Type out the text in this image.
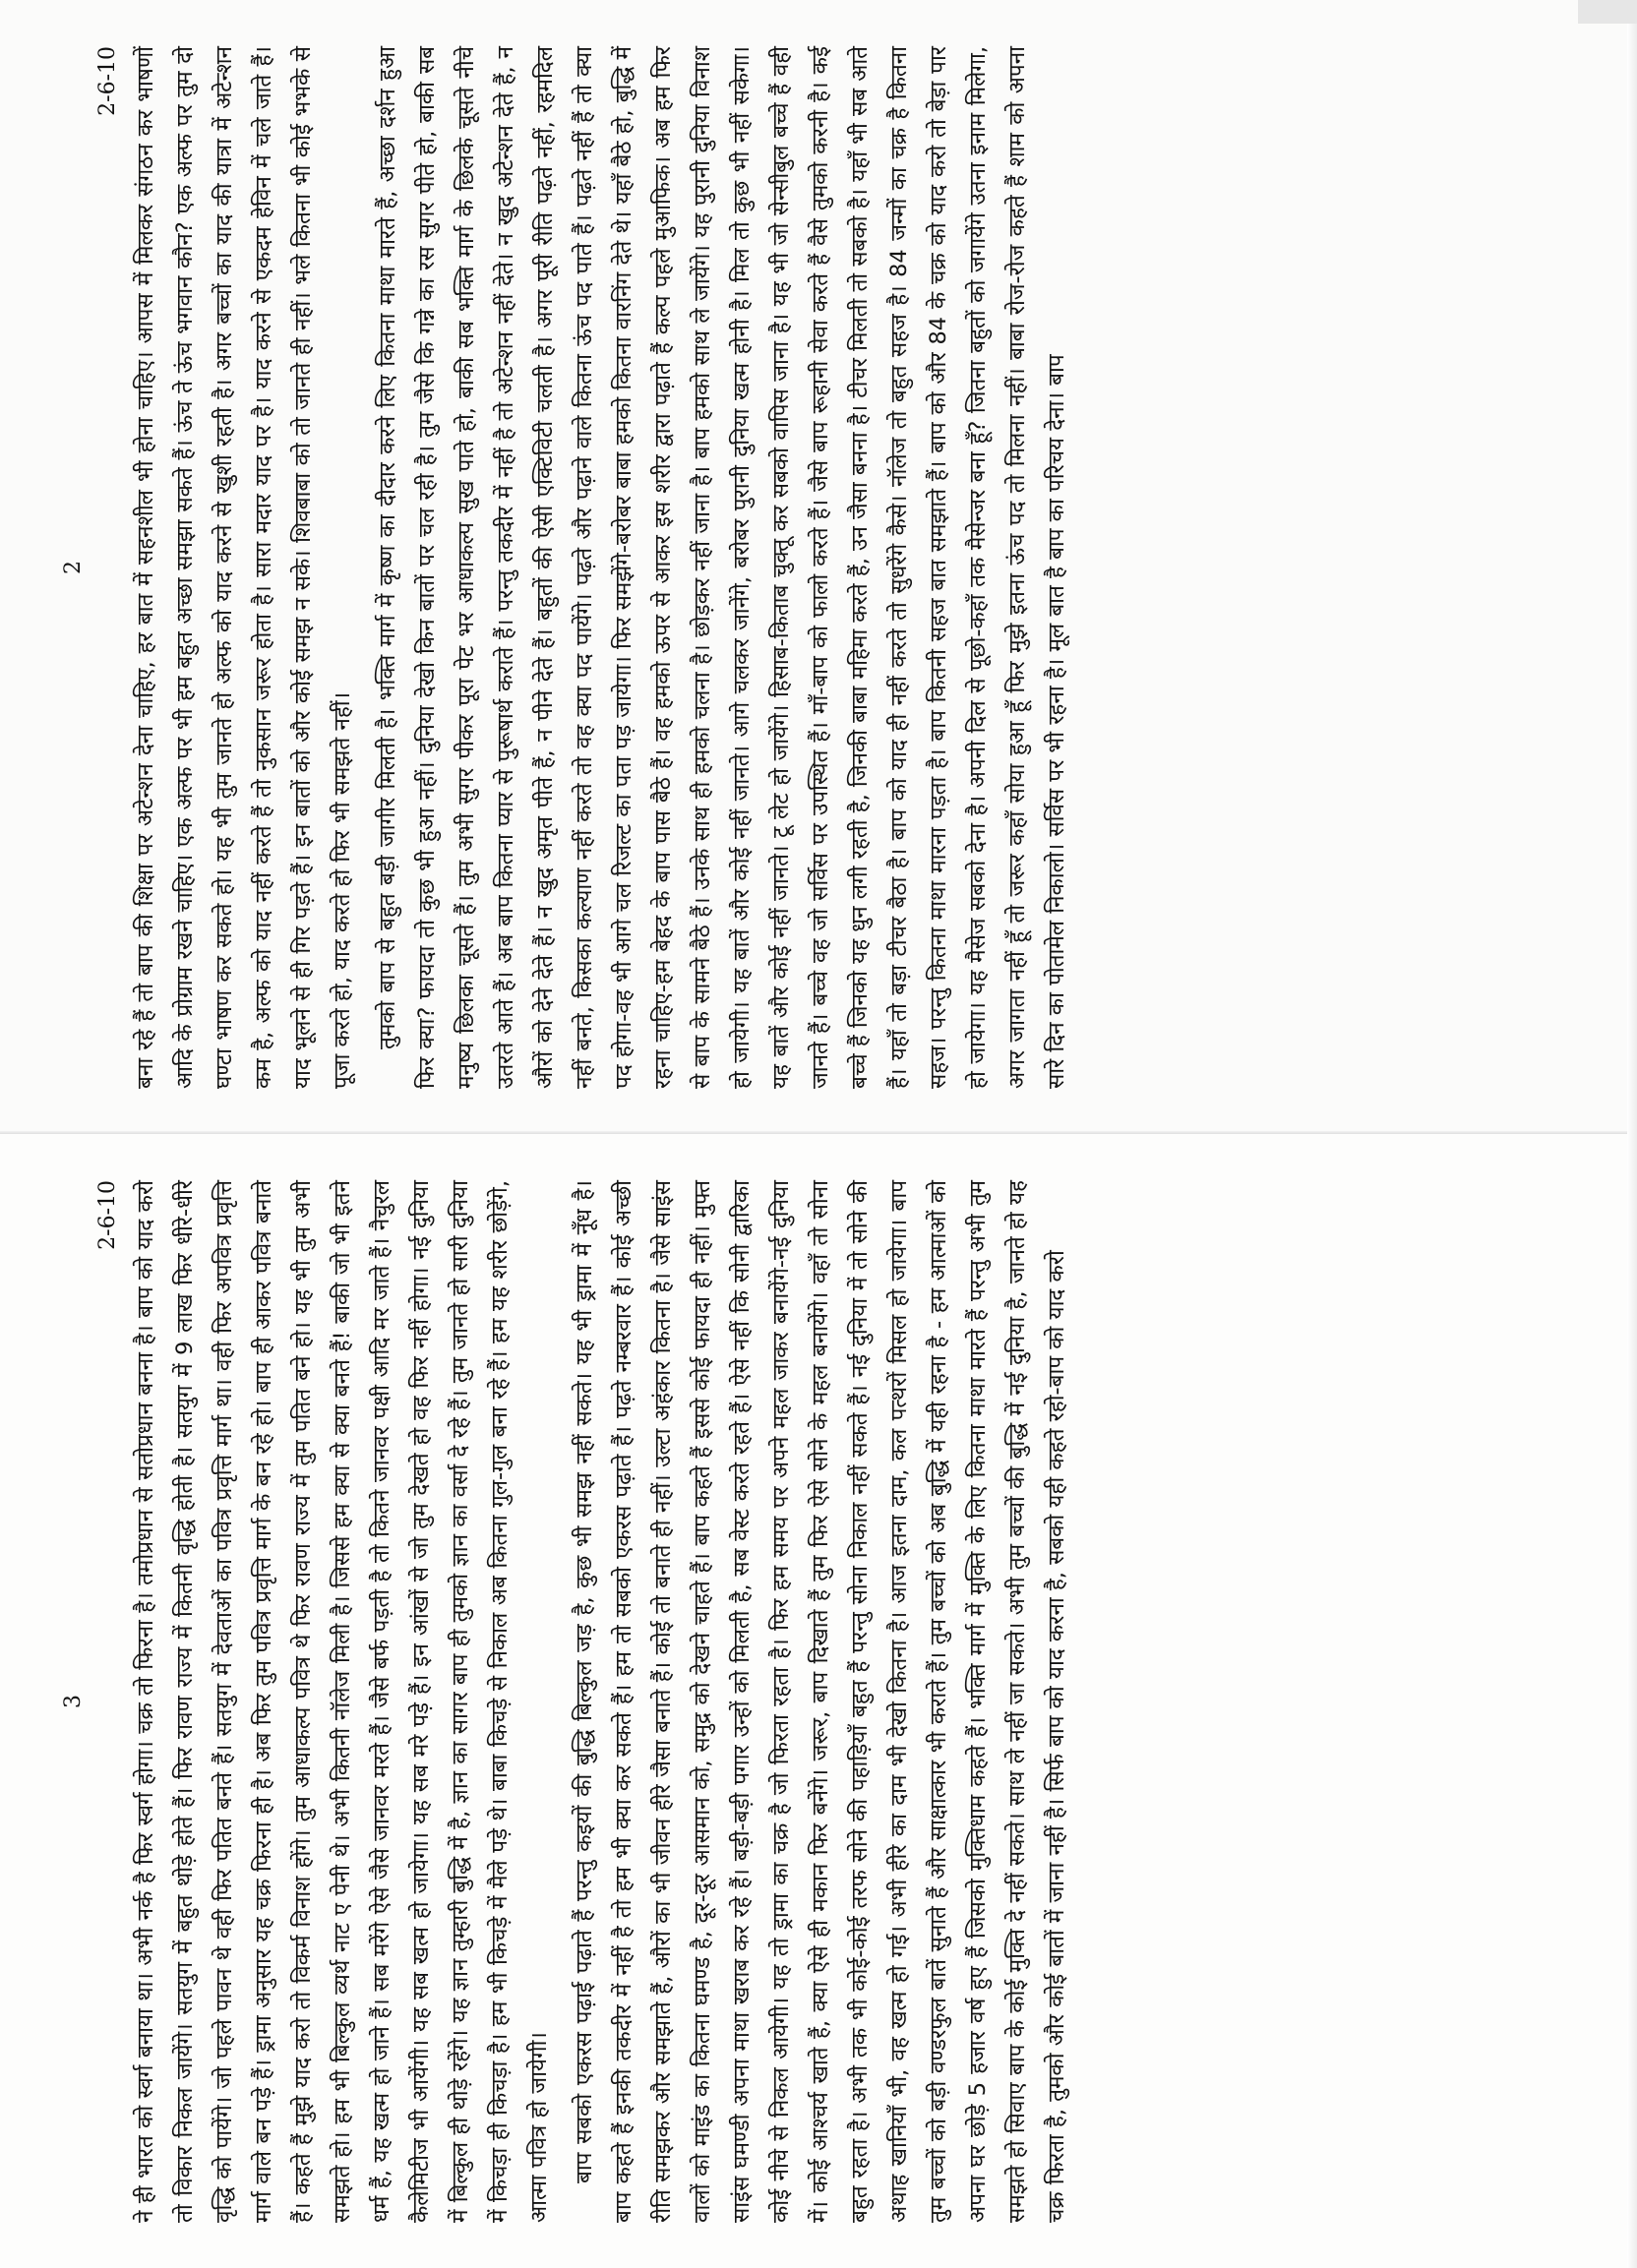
2
2-6-10 बना रहे हैं तो बाप की शिक्षा पर अटेन्शन देना चाहिए, हर बात में सहनशील भी होना चाहिए। आपस में मिलकर संगठन कर भाषणों आदि के प्रोग्राम रखने चाहिए। एक अल्फ पर भी हम बहुत अच्छा समझा सकते हैं। ऊंच ते ऊंच भगवान कौन? एक अल्फ पर तुम दो घण्टा भाषण कर सकते हो। यह भी तुम जानते हो अल्फ को याद करने से खुशी रहती है। अगर बच्चों का याद की यात्रा में अटेन्शन कम है, अल्फ को याद नहीं करते हैं तो नुकसान जरूर होता है। सारा मदार याद पर है। याद करने से एकदम हेविन में चले जाते हैं। याद भूलने से ही गिर पड़ते हैं। इन बातों को और कोई समझ न सके। शिवबाबा को तो जानते ही नहीं। भले कितना भी कोई भभके से पूजा करते हो, याद करते हो फिर भी समझते नहीं। तुमको बाप से बहुत बड़ी जागीर मिलती है। भक्ति मार्ग में कृष्ण का दीदार करने लिए कितना माथा मारते हैं, अच्छा दर्शन हुआ फिर क्या? फायदा तो कुछ भी हुआ नहीं। दुनिया देखो किन बातों पर चल रही है। तुम जैसे कि गन्ने का रस सुगर पीते हो, बाकी सब मनुष्य छिलका चूसते हैं। तुम अभी सुगर पीकर पूरा पेट भर आधाकल्प सुख पाते हो, बाकी सब भक्ति मार्ग के छिलके चूसते नीचे उतरते आते हैं। अब बाप कितना प्यार से पुरूषार्थ कराते हैं। परन्तु तकदीर में नहीं है तो अटेन्शन नहीं देते। न खुद अटेन्शन देते हैं, न औरों को देने देते हैं। न खुद अमृत पीते हैं, न पीने देते हैं। बहुतों की ऐसी एक्टिविटी चलती है। अगर पूरी रीति पढ़ते नहीं, रहमदिल नहीं बनते, किसका कल्याण नहीं करते तो वह क्या पद पायेंगे। पढ़ते और पढ़ाने वाले कितना ऊंच पद पाते हैं। पढ़ते नहीं हैं तो क्या पद होगा-वह भी आगे चल रिजल्ट का पता पड़ जायेगा। फिर समझेंगे-बरोबर बाबा हमको कितना वारनिंग देते थे। यहाँ बैठे हो, बुद्धि में रहना चाहिए-हम बेहद के बाप पास बैठे हैं। वह हमको ऊपर से आकर इस शरीर द्वारा पढ़ाते हैं कल्प पहले मुआफिक। अब हम फिर से बाप के सामने बैठे हैं। उनके साथ ही हमको चलना है। छोड़कर नहीं जाना है। बाप हमको साथ ले जायेंगे। यह पुरानी दुनिया विनाश हो जायेगी। यह बातें और कोई नहीं जानते। आगे चलकर जानेंगे, बरोबर पुरानी दुनिया खत्म होनी है। मिल तो कुछ भी नहीं सकेगा। यह बातें और कोई नहीं जानते। टू लेट हो जायेंगे। हिसाब-किताब चुक्तू कर सबको वापिस जाना है। यह भी जो सेन्सीबुल बच्चे हैं वही जानते हैं। बच्चे वह जो सर्विस पर उपस्थित हैं। माँ-बाप को फालो करते हैं। जैसे बाप रूहानी सेवा करते हैं वैसे तुमको करनी है। कई बच्चे हैं जिनको यह धुन लगी रहती है, जिनकी बाबा महिमा करते हैं, उन जैसा बनना है। टीचर मिलती तो सबको है। यहाँ भी सब आते हैं। यहाँ तो बड़ा टीचर बैठा है। बाप को याद ही नहीं करते तो सुधरेंगे कैसे। नॉलेज तो बहुत सहज है। 84 जन्मों का चक्र है कितना सहज। परन्तु कितना माथा मारना पड़ता है। बाप कितनी सहज बात समझाते हैं। बाप को और 84 के चक्र को याद करो तो बेड़ा पार हो जायेगा। यह मैसेज सबको देना है। अपनी दिल से पूछो-कहाँ तक मैसेन्जर बना हूँ? जितना बहुतों को जगायेंगे उतना इनाम मिलेगा, अगर जागता नहीं हूँ तो जरूर कहाँ सोया हुआ हूँ फिर मुझे इतना ऊंच पद तो मिलना नहीं। बाबा रोज-रोज कहते हैं शाम को अपना सारे दिन का पोतामेल निकालो। सर्विस पर भी रहना है। मूल बात है बाप का परिचय देना। बाप

3
2-6-10 ने ही भारत को स्वर्ग बनाया था। अभी नर्क है फिर स्वर्ग होगा। चक्र तो फिरना है। तमोप्रधान से सतोप्रधान बनना है। बाप को याद करो तो विकार निकल जायेंगे। सतयुग में बहुत थोड़े होते हैं। फिर रावण राज्य में कितनी वृद्धि होती है। सतयुग में 9 लाख फिर धीरे-धीरे वृद्धि को पायेंगे। जो पहले पावन थे वही फिर पतित बनते हैं। सतयुग में देवताओं का पवित्र प्रवृत्ति मार्ग था। वही फिर अपवित्र प्रवृत्ति मार्ग वाले बन पड़े हैं। ड्रामा अनुसार यह चक्र फिरना ही है। अब फिर तुम पवित्र प्रवृत्ति मार्ग के बन रहे हो। बाप ही आकर पवित्र बनाते हैं। कहते हैं मुझे याद करो तो विकर्म विनाश होंगे। तुम आधाकल्प पवित्र थे फिर रावण राज्य में तुम पतित बने हो। यह भी तुम अभी समझते हो। हम भी बिल्कुल व्यर्थ नाट ए पेनी थे। अभी कितनी नॉलेज मिली है। जिससे हम क्या से क्या बनते हैं! बाकी जो भी इतने धर्म हैं, यह खत्म हो जाने हैं। सब मरेंगे ऐसे जैसे जानवर मरते हैं। जैसे बर्फ पड़ती है तो कितने जानवर पक्षी आदि मर जाते हैं। नैचुरल कैलेमिटीज भी आयेंगी। यह सब खत्म हो जायेगा। यह सब मरे पड़े हैं। इन आंखों से जो तुम देखते हो वह फिर नहीं होगा। नई दुनिया में बिल्कुल ही थोड़े रहेंगे। यह ज्ञान तुम्हारी बुद्धि में है, ज्ञान का सागर बाप ही तुमको ज्ञान का वर्सा दे रहे हैं। तुम जानते हो सारी दुनिया में किचड़ा ही किचड़ा है। हम भी किचड़े में मैले पड़े थे। बाबा किचड़े से निकाल अब कितना गुल-गुल बना रहे हैं। हम यह शरीर छोड़ेंगे, आत्मा पवित्र हो जायेगी। बाप सबको एकरस पढ़ाई पढ़ाते हैं परन्तु कइयों की बुद्धि बिल्कुल जड़ है, कुछ भी समझ नहीं सकते। यह भी ड्रामा में नूँध है। बाप कहते हैं इनकी तकदीर में नहीं है तो हम भी क्या कर सकते हैं। हम तो सबको एकरस पढ़ाते हैं। पढ़ते नम्बरवार हैं। कोई अच्छी रीति समझकर और समझाते हैं, औरों का भी जीवन हीरे जैसा बनाते हैं। कोई तो बनाते ही नहीं। उल्टा अहंकार कितना है। जैसे साइंस वालों को माइंड का कितना घमण्ड है, दूर-दूर आसमान को, समुद्र को देखने चाहते हैं। बाप कहते हैं इससे कोई फायदा ही नहीं। मुफ्त साइंस घमण्डी अपना माथा खराब कर रहे हैं। बड़ी-बड़ी पगार उन्हों को मिलती है, सब वेस्ट करते रहते हैं। ऐसे नहीं कि सोनी द्वारिका कोई नीचे से निकल आयेगी। यह तो ड्रामा का चक्र है जो फिरता रहता है। फिर हम समय पर अपने महल जाकर बनायेंगे-नई दुनिया में। कोई आश्चर्य खाते हैं, क्या ऐसे ही मकान फिर बनेंगे। जरूर, बाप दिखाते हैं तुम फिर ऐसे सोने के महल बनायेंगे। वहाँ तो सोना बहुत रहता है। अभी तक भी कोई-कोई तरफ सोने की पहाड़ियाँ बहुत हैं परन्तु सोना निकाल नहीं सकते हैं। नई दुनिया में तो सोने की अथाह खानियाँ भी, वह खत्म हो गई। अभी हीरे का दाम भी देखो कितना है। आज इतना दाम, कल पत्थरों मिसल हो जायेगा। बाप तुम बच्चों को बड़ी वण्डरफुल बातें सुनाते हैं और साक्षात्कार भी कराते हैं। तुम बच्चों को अब बुद्धि में यही रहना है - हम आत्माओं को अपना घर छोड़े 5 हजार वर्ष हुए हैं जिसको मुक्तिधाम कहते हैं। भक्ति मार्ग में मुक्ति के लिए कितना माथा मारते हैं परन्तु अभी तुम समझते हो सिवाए बाप के कोई मुक्ति दे नहीं सकते। साथ ले नहीं जा सकते। अभी तुम बच्चों की बुद्धि में नई दुनिया है, जानते हो यह चक्र फिरता है, तुमको और कोई बातों में जाना नहीं है। सिर्फ बाप को याद करना है, सबको यही कहते रहो-बाप को याद करो
